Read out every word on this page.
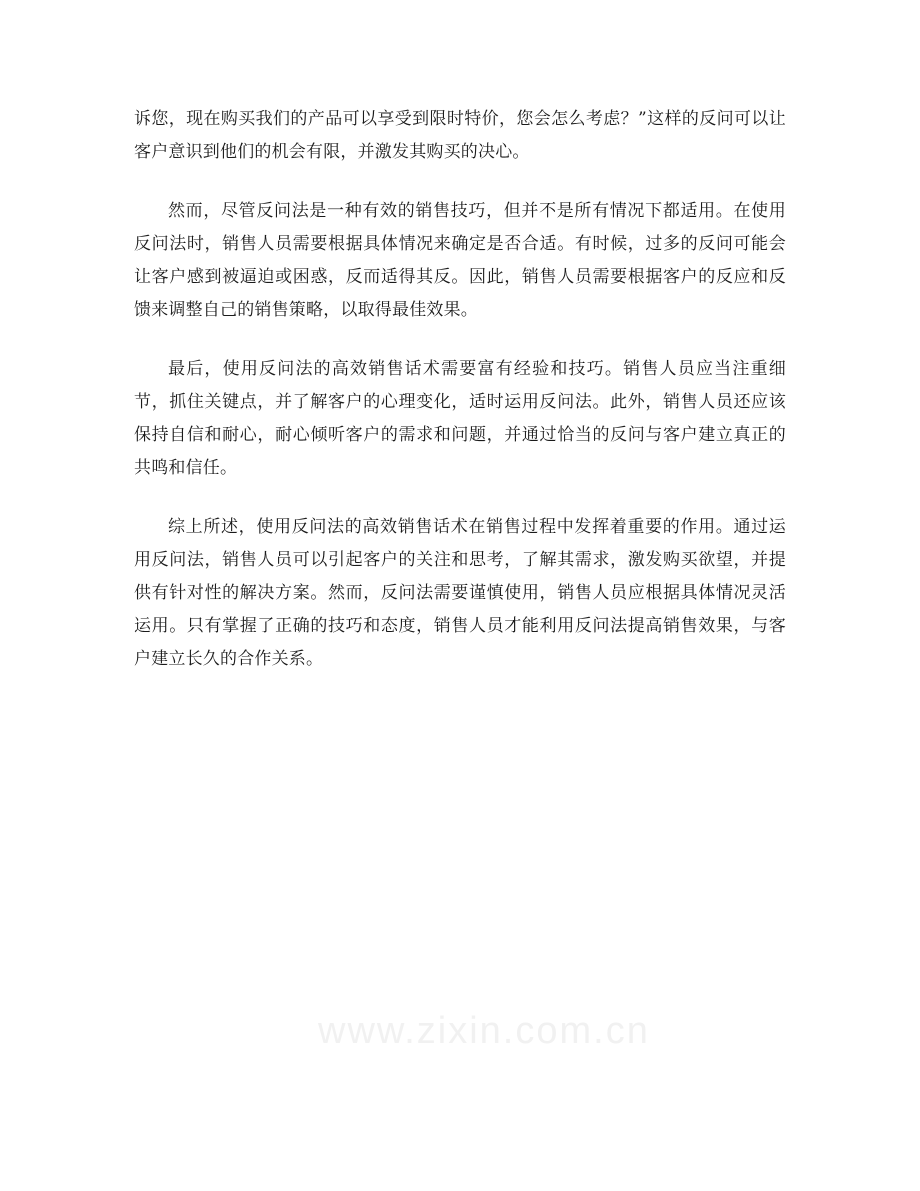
诉您，现在购买我们的产品可以享受到限时特价，您会怎么考虑？”这样的反问可以让客户意识到他们的机会有限，并激发其购买的决心。

然而，尽管反问法是一种有效的销售技巧，但并不是所有情况下都适用。在使用反问法时，销售人员需要根据具体情况来确定是否合适。有时候，过多的反问可能会让客户感到被逼迫或困惑，反而适得其反。因此，销售人员需要根据客户的反应和反馈来调整自己的销售策略，以取得最佳效果。

最后，使用反问法的高效销售话术需要富有经验和技巧。销售人员应当注重细节，抓住关键点，并了解客户的心理变化，适时运用反问法。此外，销售人员还应该保持自信和耐心，耐心倾听客户的需求和问题，并通过恰当的反问与客户建立真正的共鸣和信任。

综上所述，使用反问法的高效销售话术在销售过程中发挥着重要的作用。通过运用反问法，销售人员可以引起客户的关注和思考，了解其需求，激发购买欲望，并提供有针对性的解决方案。然而，反问法需要谨慎使用，销售人员应根据具体情况灵活运用。只有掌握了正确的技巧和态度，销售人员才能利用反问法提高销售效果，与客户建立长久的合作关系。

www.zixin.com.cn
